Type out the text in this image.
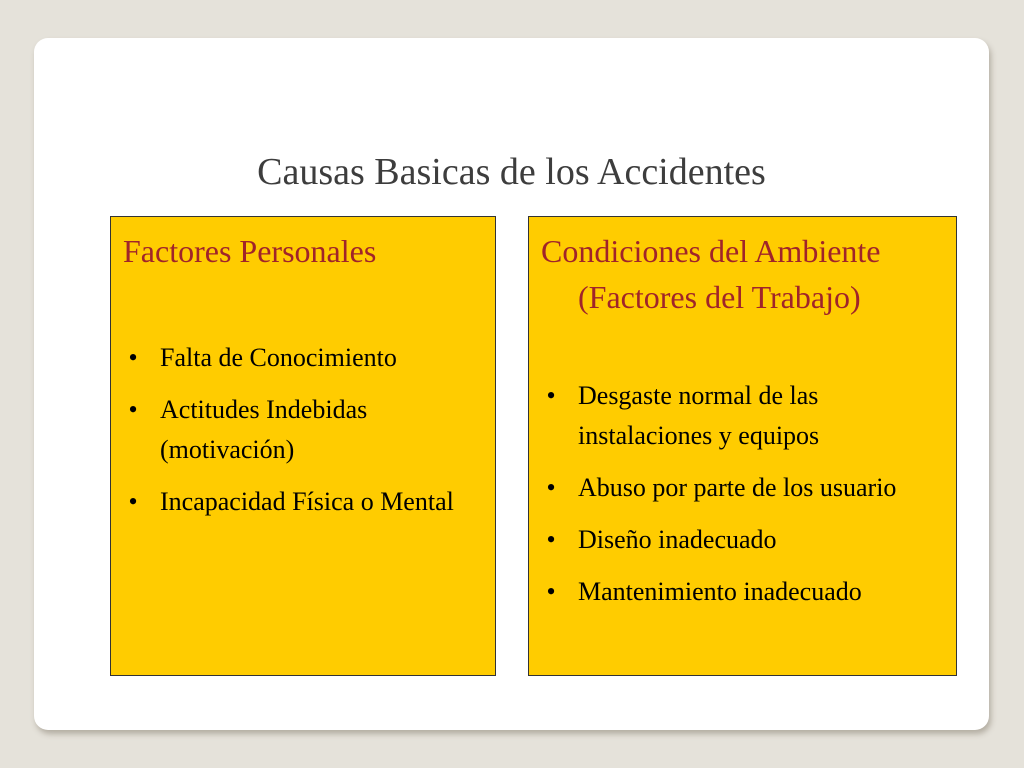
Causas Basicas de los Accidentes
Factores Personales
• Falta de Conocimiento
• Actitudes Indebidas (motivación)
• Incapacidad Física o Mental
Condiciones del Ambiente (Factores del Trabajo)
• Desgaste normal de las instalaciones y equipos
• Abuso por parte de los usuario
• Diseño inadecuado
• Mantenimiento inadecuado
